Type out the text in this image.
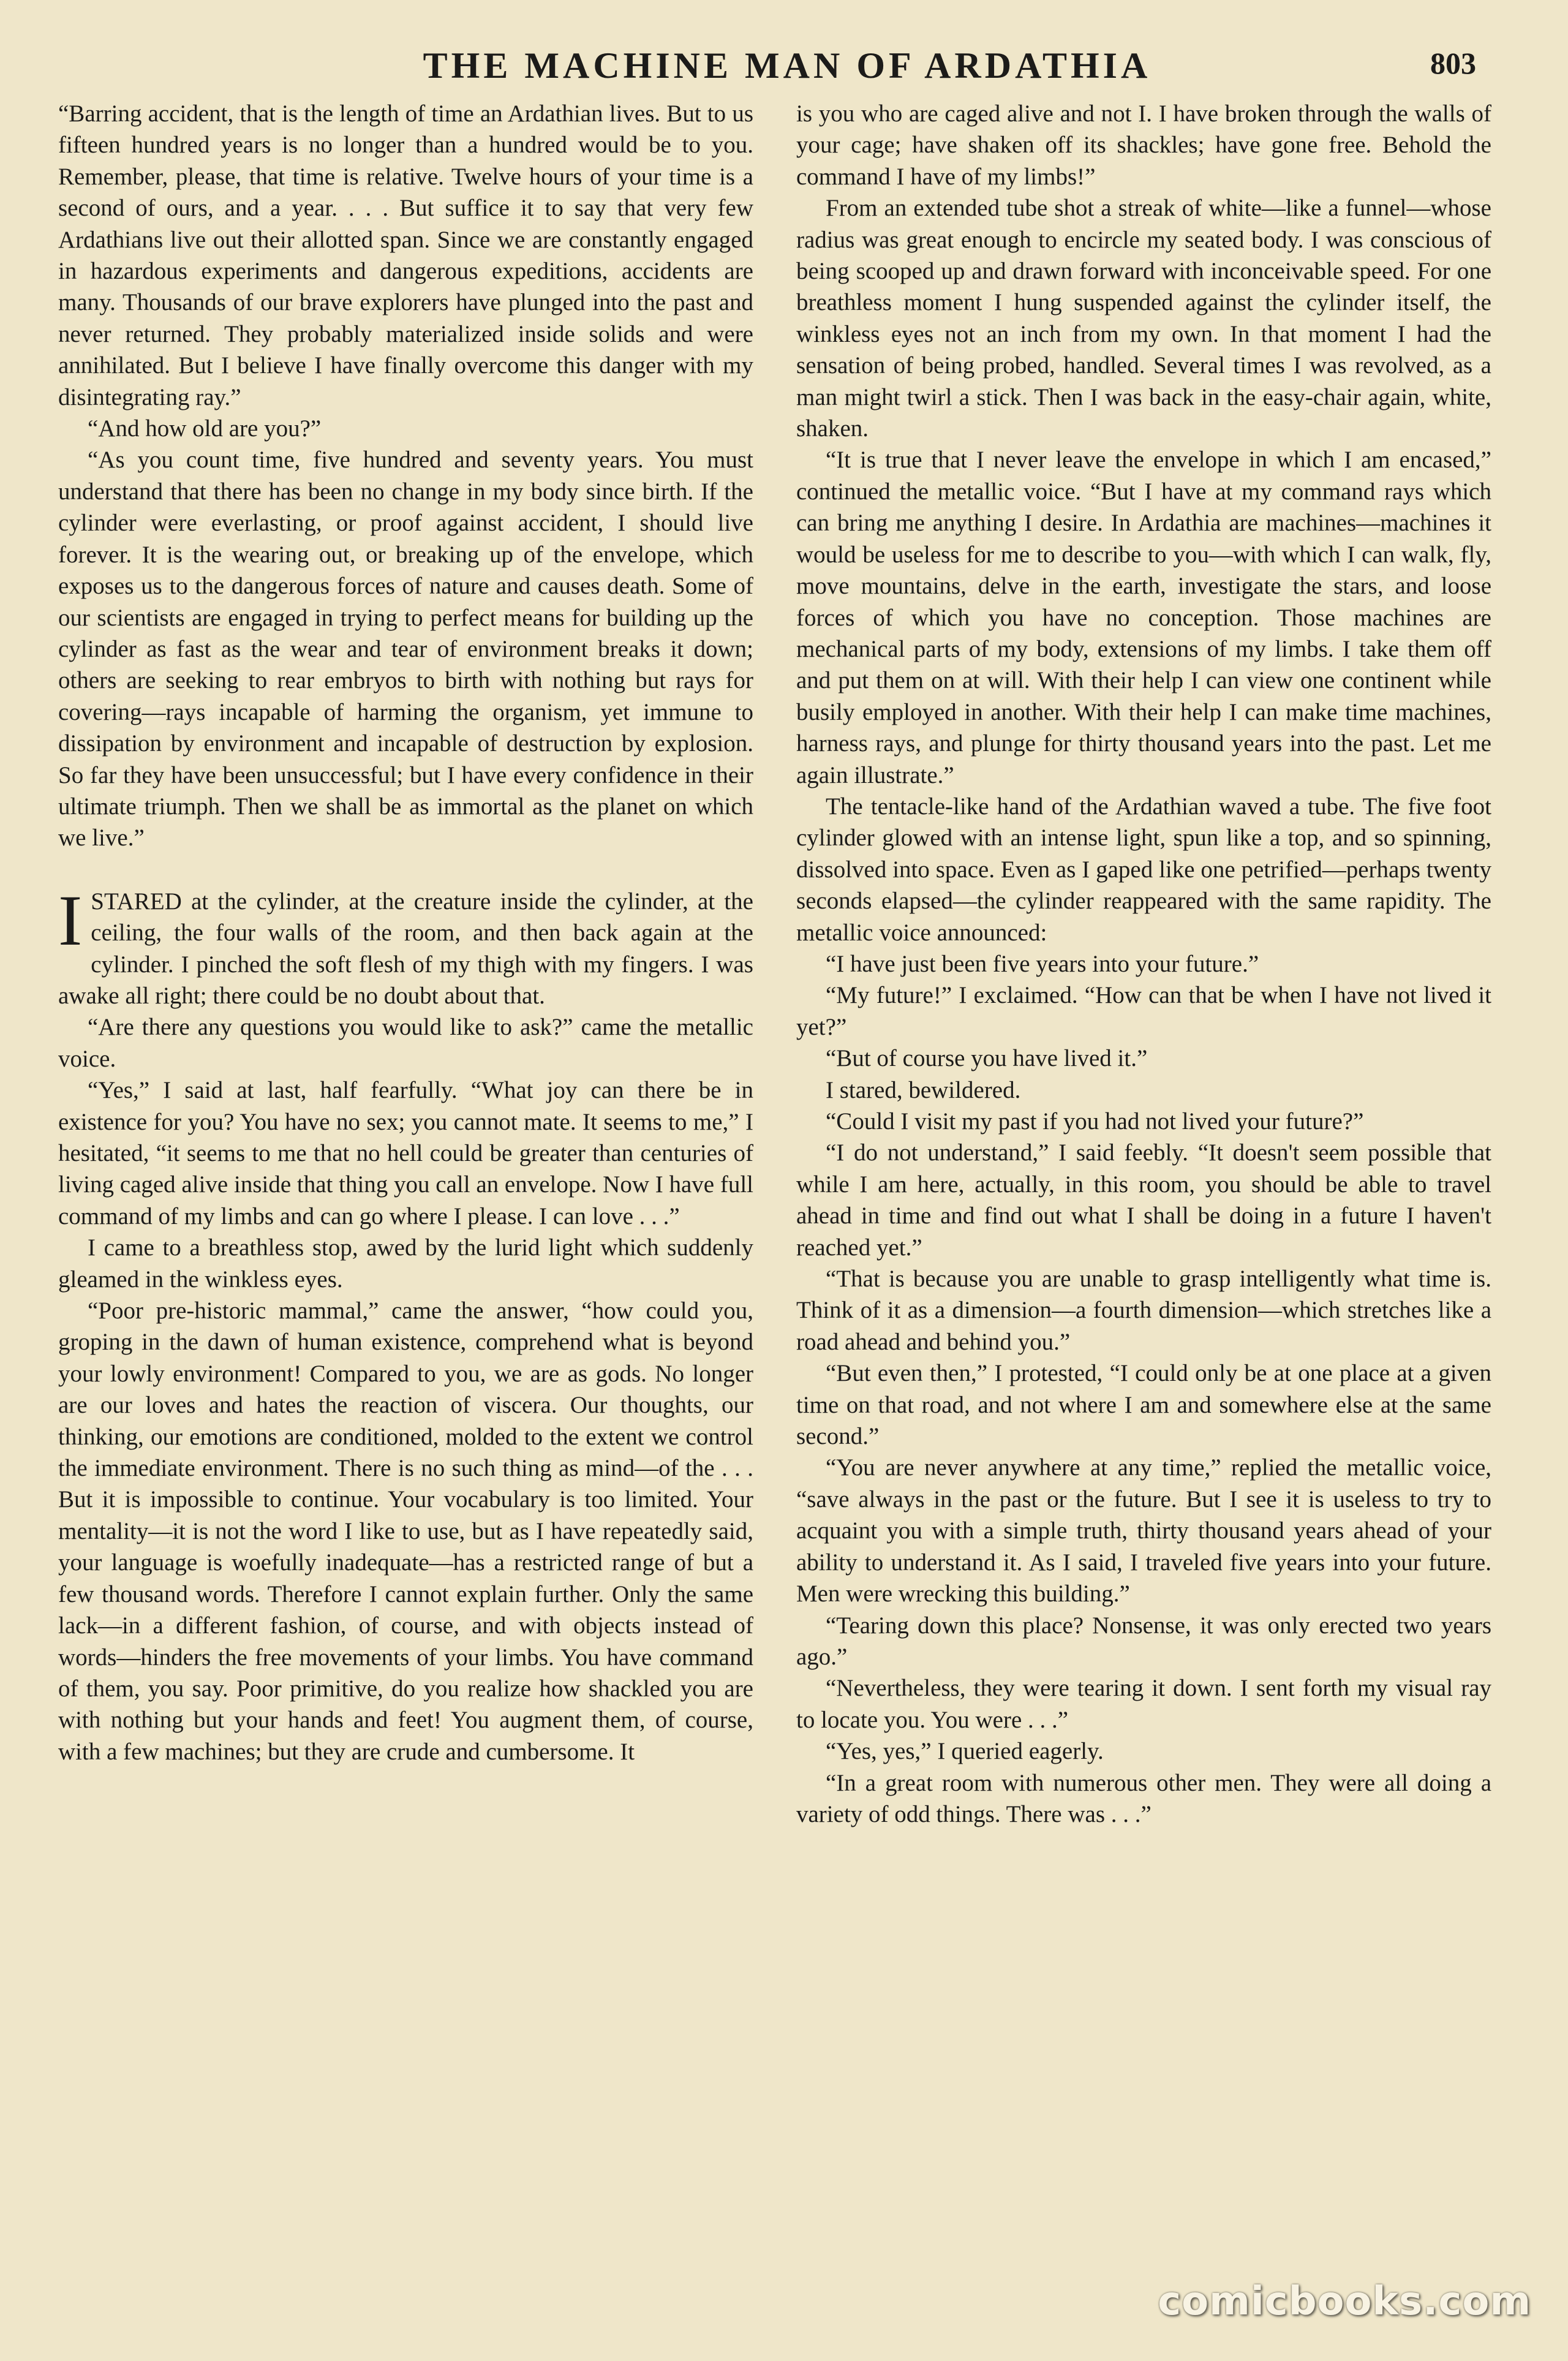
THE MACHINE MAN OF ARDATHIA	803

“Barring accident, that is the length of time an Ardathian lives. But to us fifteen hundred years is no longer than a hundred would be to you. Remember, please, that time is relative. Twelve hours of your time is a second of ours, and a year. . . . But suffice it to say that very few Ardathians live out their allotted span. Since we are constantly engaged in hazardous experiments and dangerous expeditions, accidents are many. Thousands of our brave explorers have plunged into the past and never returned. They probably materialized inside solids and were annihilated. But I believe I have finally overcome this danger with my disintegrating ray.”

“And how old are you?”

“As you count time, five hundred and seventy years. You must understand that there has been no change in my body since birth. If the cylinder were everlasting, or proof against accident, I should live forever. It is the wearing out, or breaking up of the envelope, which exposes us to the dangerous forces of nature and causes death. Some of our scientists are engaged in trying to perfect means for building up the cylinder as fast as the wear and tear of environment breaks it down; others are seeking to rear embryos to birth with nothing but rays for covering—rays incapable of harming the organism, yet immune to dissipation by environment and incapable of destruction by explosion. So far they have been unsuccessful; but I have every confidence in their ultimate triumph. Then we shall be as immortal as the planet on which we live.”

ISTARED at the cylinder, at the creature inside the cylinder, at the ceiling, the four walls of the room, and then back again at the cylinder. I pinched the soft flesh of my thigh with my fingers. I was awake all right; there could be no doubt about that.

“Are there any questions you would like to ask?” came the metallic voice.

“Yes,” I said at last, half fearfully. “What joy can there be in existence for you? You have no sex; you cannot mate. It seems to me,” I hesitated, “it seems to me that no hell could be greater than centuries of living caged alive inside that thing you call an envelope. Now I have full command of my limbs and can go where I please. I can love . . .”

I came to a breathless stop, awed by the lurid light which suddenly gleamed in the winkless eyes.

“Poor pre-historic mammal,” came the answer, “how could you, groping in the dawn of human existence, comprehend what is beyond your lowly environment! Compared to you, we are as gods. No longer are our loves and hates the reaction of viscera. Our thoughts, our thinking, our emotions are conditioned, molded to the extent we control the immediate environment. There is no such thing as mind—of the . . . But it is impossible to continue. Your vocabulary is too limited. Your mentality—it is not the word I like to use, but as I have repeatedly said, your language is woefully inadequate—has a restricted range of but a few thousand words. Therefore I cannot explain further. Only the same lack—in a different fashion, of course, and with objects instead of words—hinders the free movements of your limbs. You have command of them, you say. Poor primitive, do you realize how shackled you are with nothing but your hands and feet! You augment them, of course, with a few machines; but they are crude and cumbersome. It

is you who are caged alive and not I. I have broken through the walls of your cage; have shaken off its shackles; have gone free. Behold the command I have of my limbs!”

From an extended tube shot a streak of white—like a funnel—whose radius was great enough to encircle my seated body. I was conscious of being scooped up and drawn forward with inconceivable speed. For one breathless moment I hung suspended against the cylinder itself, the winkless eyes not an inch from my own. In that moment I had the sensation of being probed, handled. Several times I was revolved, as a man might twirl a stick. Then I was back in the easy-chair again, white, shaken.

“It is true that I never leave the envelope in which I am encased,” continued the metallic voice. “But I have at my command rays which can bring me anything I desire. In Ardathia are machines—machines it would be useless for me to describe to you—with which I can walk, fly, move mountains, delve in the earth, investigate the stars, and loose forces of which you have no conception. Those machines are mechanical parts of my body, extensions of my limbs. I take them off and put them on at will. With their help I can view one continent while busily employed in another. With their help I can make time machines, harness rays, and plunge for thirty thousand years into the past. Let me again illustrate.”

The tentacle-like hand of the Ardathian waved a tube. The five foot cylinder glowed with an intense light, spun like a top, and so spinning, dissolved into space. Even as I gaped like one petrified—perhaps twenty seconds elapsed—the cylinder reappeared with the same rapidity. The metallic voice announced:

“I have just been five years into your future.”

“My future!” I exclaimed. “How can that be when I have not lived it yet?”

“But of course you have lived it.”

I stared, bewildered.

“Could I visit my past if you had not lived your future?”

“I do not understand,” I said feebly. “It doesn't seem possible that while I am here, actually, in this room, you should be able to travel ahead in time and find out what I shall be doing in a future I haven't reached yet.”

“That is because you are unable to grasp intelligently what time is. Think of it as a dimension—a fourth dimension—which stretches like a road ahead and behind you.”

“But even then,” I protested, “I could only be at one place at a given time on that road, and not where I am and somewhere else at the same second.”

“You are never anywhere at any time,” replied the metallic voice, “save always in the past or the future. But I see it is useless to try to acquaint you with a simple truth, thirty thousand years ahead of your ability to understand it. As I said, I traveled five years into your future. Men were wrecking this building.”

“Tearing down this place? Nonsense, it was only erected two years ago.”

“Nevertheless, they were tearing it down. I sent forth my visual ray to locate you. You were . . .”

“Yes, yes,” I queried eagerly.

“In a great room with numerous other men. They were all doing a variety of odd things. There was . . .”

comicbooks.com
